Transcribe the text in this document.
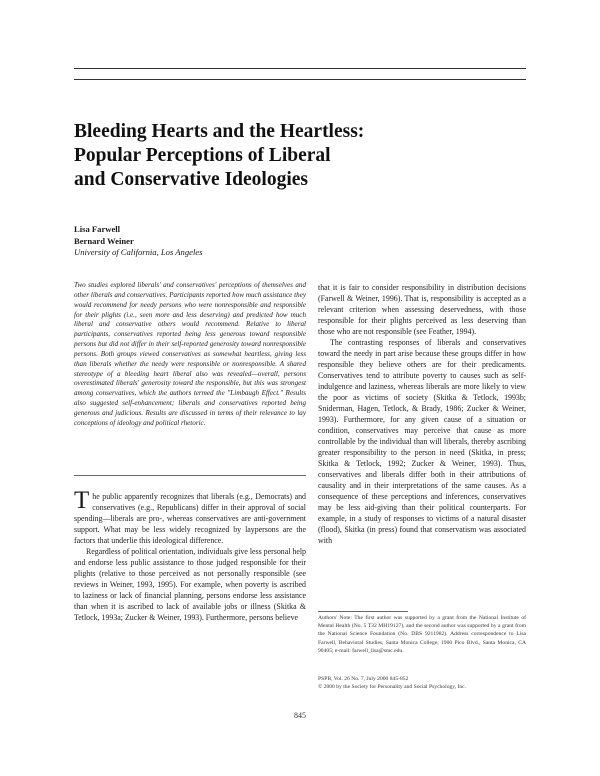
Bleeding Hearts and the Heartless:
Popular Perceptions of Liberal
and Conservative Ideologies
Lisa Farwell
Bernard Weiner
University of California, Los Angeles

Two studies explored liberals' and conservatives' perceptions of themselves and other liberals and conservatives. Participants reported how much assistance they would recommend for needy persons who were nonresponsible and responsible for their plights (i.e., seen more and less deserving) and predicted how much liberal and conservative others would recommend. Relative to liberal participants, conservatives reported being less generous toward responsible persons but did not differ in their self-reported generosity toward nonresponsible persons. Both groups viewed conservatives as somewhat heartless, giving less than liberals whether the needy were responsible or nonresponsible. A shared stereotype of a bleeding heart liberal also was revealed—overall, persons overestimated liberals' generosity toward the responsible, but this was strongest among conservatives, which the authors termed the "Limbaugh Effect." Results also suggested self-enhancement; liberals and conservatives reported being generous and judicious. Results are discussed in terms of their relevance to lay conceptions of ideology and political rhetoric.

The public apparently recognizes that liberals (e.g., Democrats) and conservatives (e.g., Republicans) differ in their approval of social spending—liberals are pro-, whereas conservatives are anti-government support. What may be less widely recognized by laypersons are the factors that underlie this ideological difference.

Regardless of political orientation, individuals give less personal help and endorse less public assistance to those judged responsible for their plights (relative to those perceived as not personally responsible (see reviews in Weiner, 1993, 1995). For example, when poverty is ascribed to laziness or lack of financial planning, persons endorse less assistance than when it is ascribed to lack of available jobs or illness (Skitka & Tetlock, 1993a; Zucker & Weiner, 1993). Furthermore, persons believe

that it is fair to consider responsibility in distribution decisions (Farwell & Weiner, 1996). That is, responsibility is accepted as a relevant criterion when assessing deservedness, with those responsible for their plights perceived as less deserving than those who are not responsible (see Feather, 1994).

The contrasting responses of liberals and conservatives toward the needy in part arise because these groups differ in how responsible they believe others are for their predicaments. Conservatives tend to attribute poverty to causes such as self-indulgence and laziness, whereas liberals are more likely to view the poor as victims of society (Skitka & Tetlock, 1993b; Sniderman, Hagen, Tetlock, & Brady, 1986; Zucker & Weiner, 1993). Furthermore, for any given cause of a situation or condition, conservatives may perceive that cause as more controllable by the individual than will liberals, thereby ascribing greater responsibility to the person in need (Skitka, in press; Skitka & Tetlock, 1992; Zucker & Weiner, 1993). Thus, conservatives and liberals differ both in their attributions of causality and in their interpretations of the same causes. As a consequence of these perceptions and inferences, conservatives may be less aid-giving than their political counterparts. For example, in a study of responses to victims of a natural disaster (flood), Skitka (in press) found that conservatism was associated with

Authors' Note: The first author was supported by a grant from the National Institute of Mental Health (No. 5 T32 MH19127), and the second author was supported by a grant from the National Science Foundation (No. DBS 9211982). Address correspondence to Lisa Farwell, Behavioral Studies, Santa Monica College, 1900 Pico Blvd., Santa Monica, CA 90405; e-mail: farwell_lisa@smc.edu.

PSPB, Vol. 26 No. 7, July 2000 845-852
© 2000 by the Society for Personality and Social Psychology, Inc.
845
